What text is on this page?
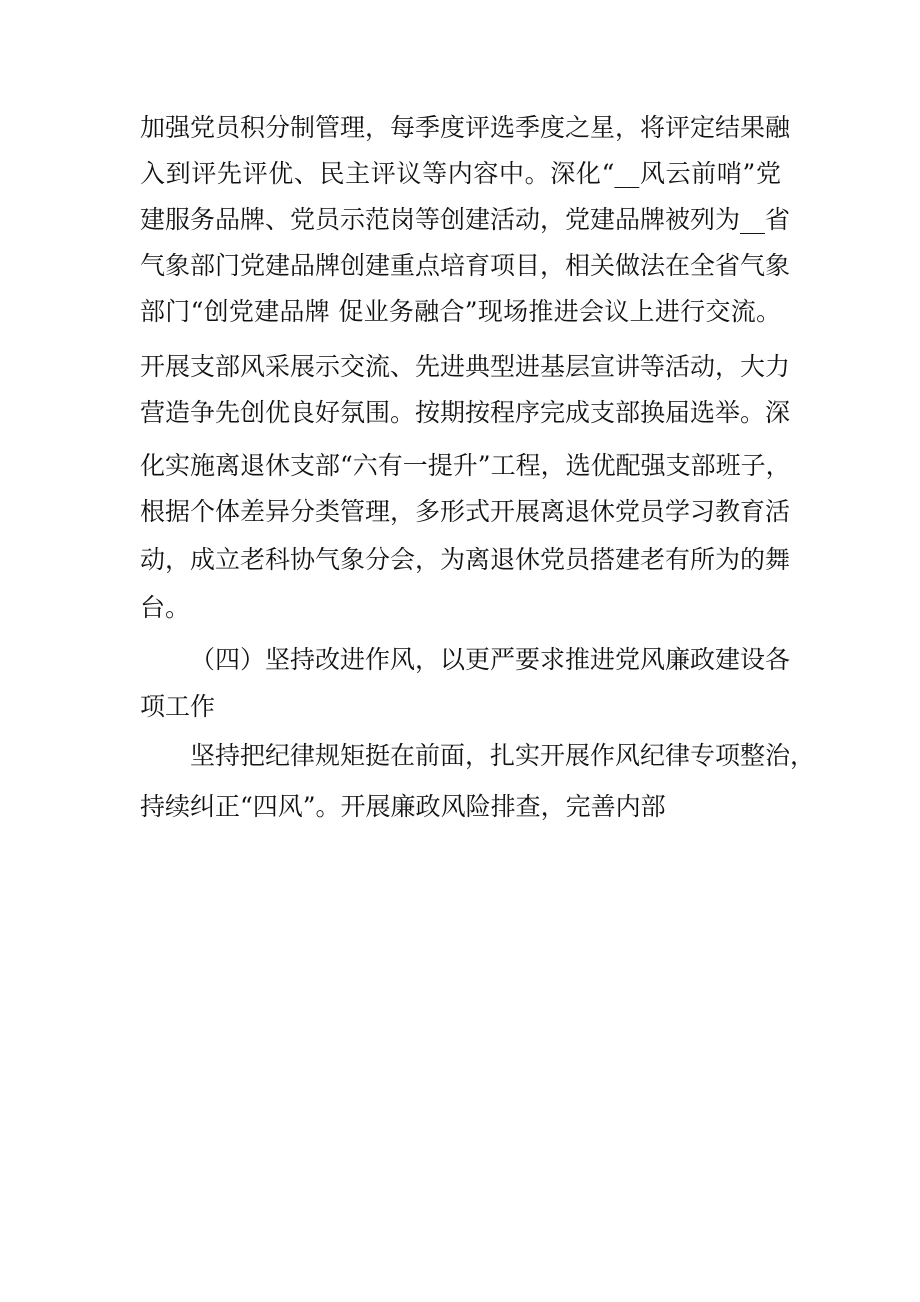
加强党员积分制管理，每季度评选季度之星，将评定结果融
入到评先评优、民主评议等内容中。深化“__风云前哨”党
建服务品牌、党员示范岗等创建活动，党建品牌被列为__省
气象部门党建品牌创建重点培育项目，相关做法在全省气象
部门“创党建品牌 促业务融合”现场推进会议上进行交流。
开展支部风采展示交流、先进典型进基层宣讲等活动，大力
营造争先创优良好氛围。按期按程序完成支部换届选举。深
化实施离退休支部“六有一提升”工程，选优配强支部班子，
根据个体差异分类管理，多形式开展离退休党员学习教育活
动，成立老科协气象分会，为离退休党员搭建老有所为的舞
台。
（四）坚持改进作风，以更严要求推进党风廉政建设各
项工作
坚持把纪律规矩挺在前面，扎实开展作风纪律专项整治，
持续纠正“四风”。开展廉政风险排查，完善内部
